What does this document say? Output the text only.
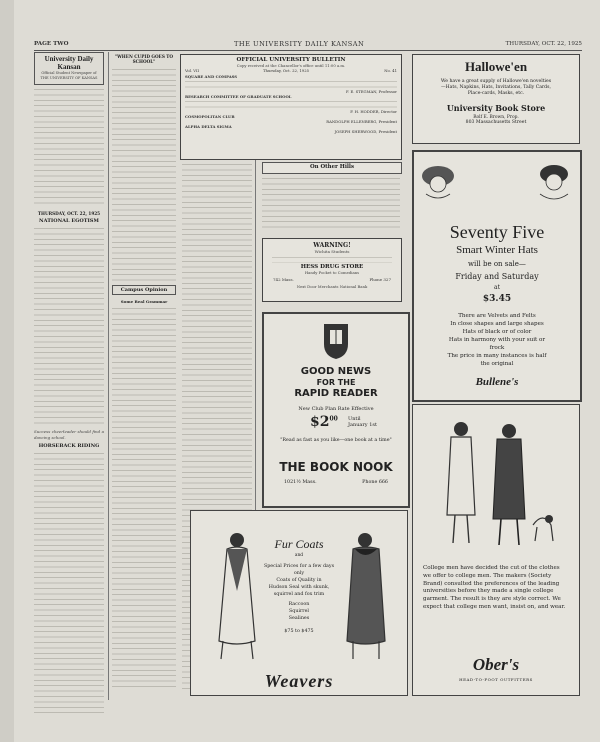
PAGE TWO	THE UNIVERSITY DAILY KANSAN	THURSDAY, OCT. 22, 1925
University Daily Kansan
Official Student Newspaper of THE UNIVERSITY OF KANSAS
THURSDAY, OCT. 22, 1925
NATIONAL EGOTISM
Success cheerleader should find a dancing school.
HORSEBACK RIDING
"WHEN CUPID GOES TO SCHOOL"
Campus Opinion
Some Real Grammar
OFFICIAL UNIVERSITY BULLETIN
Copy received at the Chancellor's office until 11:00 a.m.
Vol. VII	Thursday, Oct. 22, 1925	No. 41
SQUARE AND COMPASS
F. E. STEGMAN, Professor
RESEARCH COMMITTEE OF GRADUATE SCHOOL
F. H. HODDER, Director
COSMOPOLITAN CLUB
RANDOLPH ELLENBERG, President
ALPHA DELTA SIGMA
JOSEPH SHERWOOD, President
On Other Hills
WARNING!
Wichita Students
HESS DRUG STORE
Handy Pocket to Comedians
742 Mass.	Phone 327
Next Door Merchants National Bank
GOOD NEWS
FOR THE
RAPID READER
New Club Plan Rate Effective
$\$2^{00}$ Until
January 1st
"Read as fast as you like—one book at a time"
THE BOOK NOOK
1021½ Mass.	Phone 666
Fur Coats
and
Special Prices for a few days
only
Coats of Quality in
Hudson Seal with skunk,
squirrel and fox trim
Raccoon
Squirrel
Sealines
$75 to $475
Weavers
Hallowe'en
We have a great supply of Hallowe'en novelties
—Hats, Napkins, Hats, Invitations, Tally Cards,
Place-cards, Masks, etc.
University Book Store
Rolf E. Brown, Prop.
803 Massachusetts Street
Seventy Five
Smart Winter Hats
will be on sale—
Friday and Saturday
at
$3.45
There are Velvets and Felts
In close shapes and large shapes
Hats of black or of color
Hats in harmony with your suit or
frock
The price in many instances is half
the original
Bullene's
College men have decided the cut of the clothes we offer to college men. The makers (Society Brand) consulted the preferences of the leading universities before they made a single college garment. The result is they are style correct. We expect that college men want, insist on, and wear.
Ober's
HEAD-TO-FOOT OUTFITTERS
